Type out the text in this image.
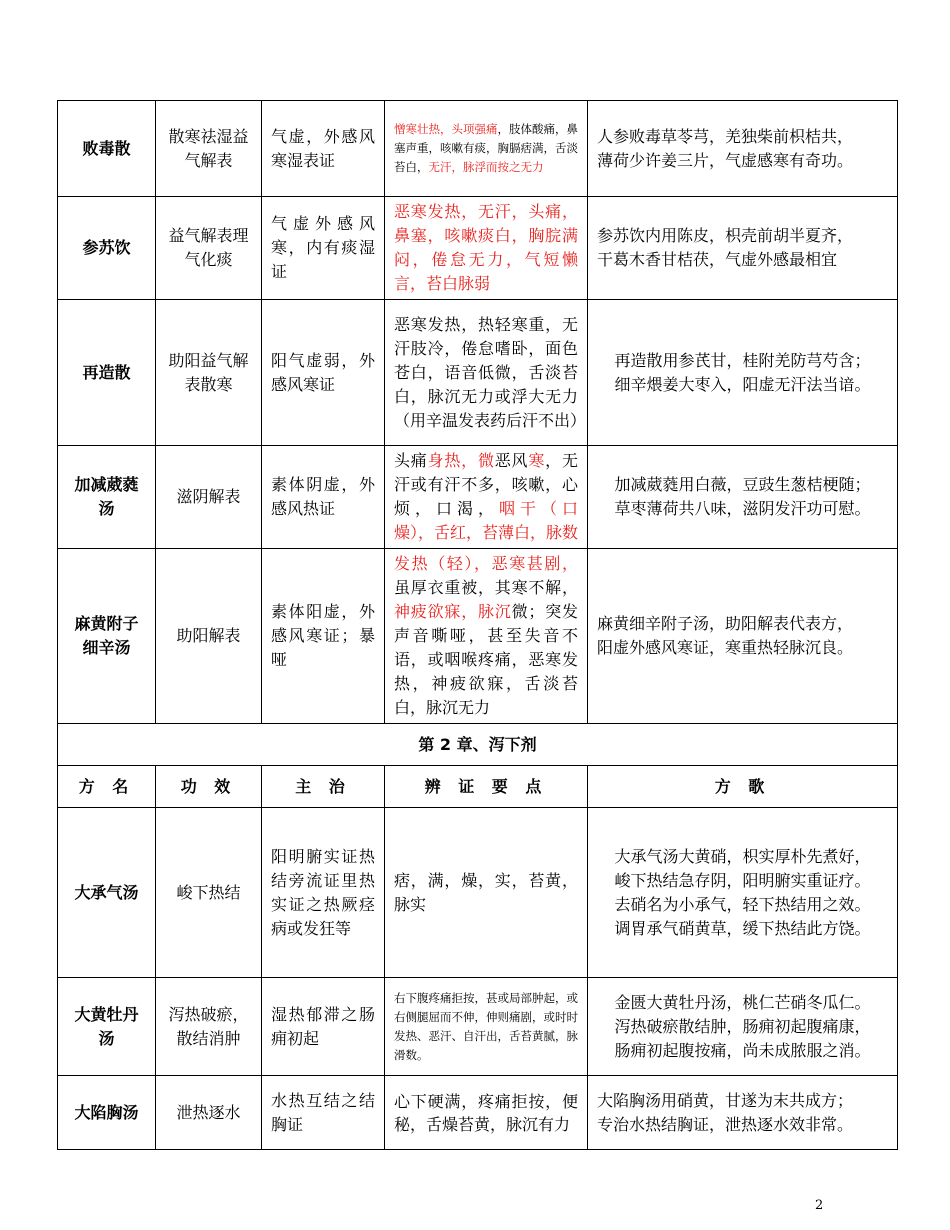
败毒散	散寒祛湿益气解表	气虚，外感风寒湿表证	憎寒壮热，头项强痛，肢体酸痛，鼻塞声重，咳嗽有痰，胸膈痞满，舌淡苔白，无汗，脉浮而按之无力	人参败毒草苓芎，羌独柴前枳桔共，
薄荷少许姜三片，气虚感寒有奇功。

参苏饮	益气解表理气化痰	气虚外感风寒，内有痰湿证	恶寒发热，无汗，头痛，鼻塞，咳嗽痰白，胸脘满闷，倦怠无力，气短懒言，苔白脉弱	参苏饮内用陈皮，枳壳前胡半夏齐，
干葛木香甘桔茯，气虚外感最相宜

再造散	助阳益气解表散寒	阳气虚弱，外感风寒证	恶寒发热，热轻寒重，无汗肢冷，倦怠嗜卧，面色苍白，语音低微，舌淡苔白，脉沉无力或浮大无力（用辛温发表药后汗不出）	再造散用参芪甘，桂附羌防芎芍含；
细辛煨姜大枣入，阳虚无汗法当谙。

加减葳蕤汤	滋阴解表	素体阴虚，外感风热证	头痛身热，微恶风寒，无汗或有汗不多，咳嗽，心烦，口渴，咽干（口燥），舌红，苔薄白，脉数	加减葳蕤用白薇，豆豉生葱桔梗随；
草枣薄荷共八味，滋阴发汗功可慰。

麻黄附子细辛汤	助阳解表	素体阳虚，外感风寒证；暴哑	发热（轻），恶寒甚剧，虽厚衣重被，其寒不解，神疲欲寐，脉沉微；突发声音嘶哑，甚至失音不语，或咽喉疼痛，恶寒发热，神疲欲寐，舌淡苔白，脉沉无力	麻黄细辛附子汤，助阳解表代表方，
阳虚外感风寒证，寒重热轻脉沉良。

第 2 章、泻下剂				
方 名	功 效	主 治	辨 证 要 点	方 歌
大承气汤	峻下热结	阳明腑实证热结旁流证里热实证之热厥痉病或发狂等	痞，满，燥，实，苔黄，脉实	大承气汤大黄硝，枳实厚朴先煮好，
峻下热结急存阴，阳明腑实重证疗。
去硝名为小承气，轻下热结用之效。
调胃承气硝黄草，缓下热结此方饶。

大黄牡丹汤	泻热破瘀，散结消肿	湿热郁滞之肠痈初起	右下腹疼痛拒按，甚或局部肿起，或右侧腿屈而不伸，伸则痛剧，或时时发热、恶汗、自汗出，舌苔黄腻，脉滑数。	金匮大黄牡丹汤，桃仁芒硝冬瓜仁。
泻热破瘀散结肿，肠痈初起腹痛康，
肠痈初起腹按痛，尚未成脓服之消。

大陷胸汤	泄热逐水	水热互结之结胸证	心下硬满，疼痛拒按，便秘，舌燥苔黄，脉沉有力	大陷胸汤用硝黄，甘遂为末共成方；
专治水热结胸证，泄热逐水效非常。
2
